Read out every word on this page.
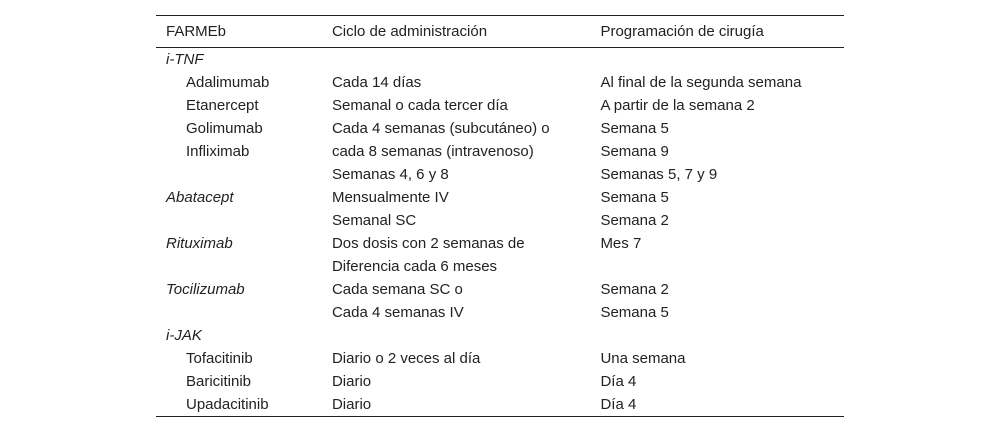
FARMEb	Ciclo de administración	Programación de cirugía
i-TNF		
Adalimumab	Cada 14 días	Al final de la segunda semana
Etanercept	Semanal o cada tercer día	A partir de la semana 2
Golimumab	Cada 4 semanas (subcutáneo) o	Semana 5
Infliximab	cada 8 semanas (intravenoso)	Semana 9
	Semanas 4, 6 y 8	Semanas 5, 7 y 9
Abatacept	Mensualmente IV	Semana 5
	Semanal SC	Semana 2
Rituximab	Dos dosis con 2 semanas de	Mes 7
	Diferencia cada 6 meses	
Tocilizumab	Cada semana SC o	Semana 2
	Cada 4 semanas IV	Semana 5
i-JAK		
Tofacitinib	Diario o 2 veces al día	Una semana
Baricitinib	Diario	Día 4
Upadacitinib	Diario	Día 4
